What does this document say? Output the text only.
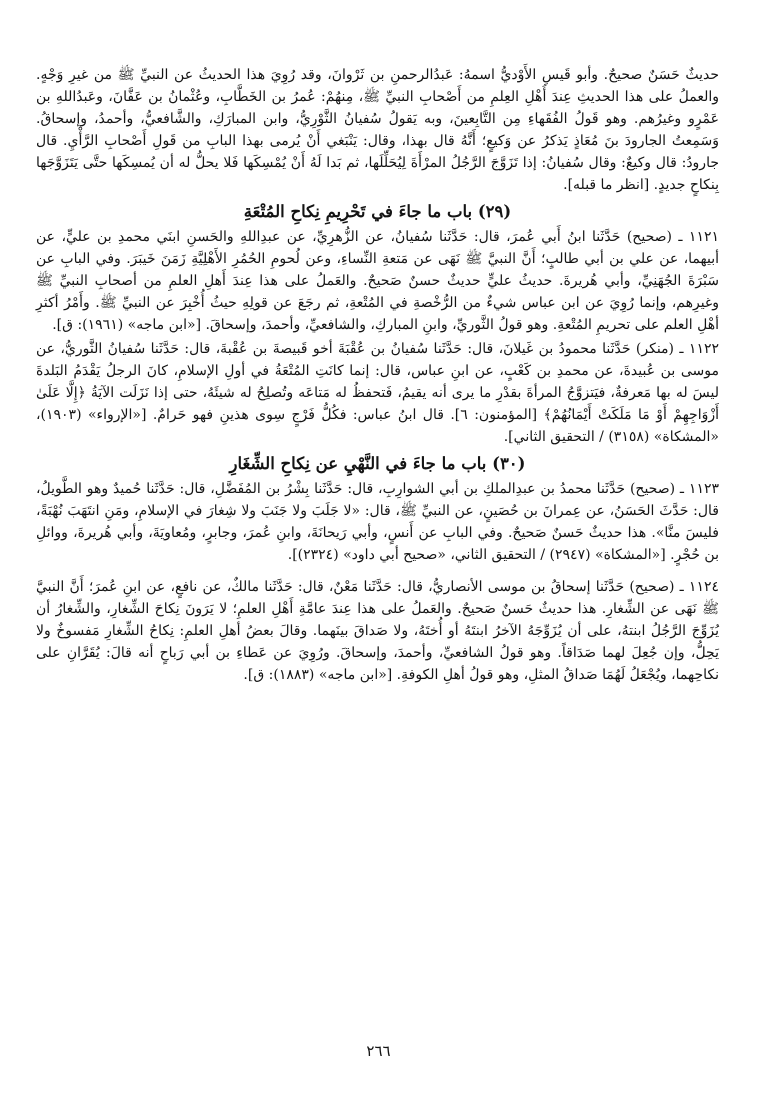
حديثٌ حَسَنٌ صحيحٌ. وأبو قَيسِ الأَوْديُّ اسمهُ: عَبدُالرحمنِ بن ثَرْوانَ، وقد رُوِيَ هذا الحديثُ عن النبيِّ ﷺ من غيرِ وَجْهٍ. والعملُ على هذا الحديثِ عِندَ أَهْلِ العِلمِ من أَصْحابِ النبيِّ ﷺ، مِنهُمْ: عُمرُ بن الخَطَّابِ، وعُثْمانُ بن عَفَّانَ، وعَبدُاللهِ بن عَمْرٍو وغيرُهم. وهو قَولُ الفُقَهاءِ مِن التَّابِعينَ، وبه يَقولُ سُفيانُ الثَّوْرِيُّ، وابن المبارَكِ، والشَّافعيُّ، وأحمدُ، وإسحاقُ. وَسَمِعتُ الجارودَ بنَ مُعَاذٍ يَذكرُ عن وَكيعٍ؛ أَنَّهُ قال بهذا، وقال: يَنْبَغي أَنْ يُرمى بهذا البابِ من قَولِ أَصْحابِ الرَّأْيِ. قال جارودُ: قال وكيعٌ: وقال سُفيانُ: إذا تَزَوَّجَ الرَّجُلُ المرْأَةَ لِيُحَلِّلَها، ثم بَدا لَهُ أَنْ يُمْسِكَها فَلا يحلُّ له أن يُمسِكَها حتَّى يَتَزَوَّجَها بِنكاحٍ جديدٍ. [انظر ما قبله].

(٢٩) باب ما جاءَ في تَحْرِيمِ نِكاحِ المُتْعَةِ

١١٢١ ـ (صحيح) حَدَّثَنا ابنُ أَبي عُمرَ، قال: حَدَّثَنا سُفيانُ، عن الزُّهرِيِّ، عن عبدِاللهِ والحَسنِ ابنَي محمدِ بن عليٍّ، عن أبيهما، عن علي بن أبي طالبٍ؛ أَنَّ النبيَّ ﷺ نَهَى عن مَتعةِ النِّساءِ، وعن لُحومِ الحُمُرِ الأَهْلِيَّةِ زَمَنَ خَيبَرَ. وفي البابِ عن سَبْرَةَ الجُهَنِيِّ، وأبي هُريرةَ. حديثُ عليٍّ حديثٌ حسنٌ صَحيحٌ. والعَملُ على هذا عِندَ أَهلِ العلمِ من أصحابِ النبيِّ ﷺ وغيرِهم، وإنما رُوِيَ عن ابن عباس شيءٌ من الرُّخْصةِ في المُتْعةِ، ثم رجَعَ عن قولِهِ حيثُ أُخْبِرَ عن النبيِّ ﷺ. وأَمْرُ أكثرِ أهْلِ العلم على تحريمِ المُتْعةِ. وهو قولُ الثَّوريِّ، وابنِ المباركِ، والشافعيِّ، وأحمدَ، وإسحاقَ. [«ابن ماجه» (١٩٦١): ق].

١١٢٢ ـ (منكر) حَدَّثَنا محمودُ بن غَيلانَ، قال: حَدَّثَنا سُفيانُ بن عُقْبَةَ أخو قَبيصةَ بن عُقْبةَ، قال: حَدَّثَنا سُفيانُ الثَّوريُّ، عن موسى بن عُبيدةَ، عن محمدِ بن كَعْبٍ، عن ابنِ عباس، قال: إنما كانَتِ المُتْعَةُ في أولِ الإسلامِ، كانَ الرجلُ يَقْدَمُ البَلدةَ ليسَ له بها مَعرفةٌ، فيَتزوَّجُ المرأةَ بقدْرِ ما يرى أنه يقيمُ، فَتحفظُ له مَتاعَه وتُصلِحُ له شيئَهُ، حتى إذا نَزَلَت الآيَةُ ﴿إِلَّا عَلَىٰ أَزْوَاجِهِمْ أَوْ مَا مَلَكَتْ أَيْمَانُهُمْ﴾ [المؤمنون: ٦]. قال ابنُ عباس: فكُلُّ فَرْجٍ سِوى هذينِ فهو حَرامٌ. [«الإرواء» (١٩٠٣)، «المشكاة» (٣١٥٨) / التحقيق الثاني].

(٣٠) باب ما جاءَ في النَّهْيِ عن نِكاحِ الشِّغَارِ

١١٢٣ ـ (صحيح) حَدَّثَنا محمدُ بن عبدِالملكِ بن أبي الشوارِبِ، قال: حَدَّثَنا بِشْرُ بن المُفَضَّلِ، قال: حَدَّثَنا حُميدٌ وهو الطَّويلُ، قال: حَدَّثَ الحَسَنُ، عن عِمرانَ بن حُصَينٍ، عن النبيِّ ﷺ، قال: «لا جَلَبَ ولا جَنَبَ ولا شِغارَ في الإسلامِ، ومَنِ انتَهَبَ نُهْبَةً، فليسَ منَّا». هذا حديثٌ حَسنٌ صَحيحٌ. وفي البابِ عن أَنسٍ، وأبي رَيحانَةَ، وابنِ عُمرَ، وجابرٍ، ومُعاويَةَ، وأبي هُريرةَ، ووائلِ بن حُجْرٍ. [«المشكاة» (٢٩٤٧) / التحقيق الثاني، «صحيح أبي داود» (٢٣٢٤)].

١١٢٤ ـ (صحيح) حَدَّثَنا إسحاقُ بن موسى الأنصاريُّ، قال: حَدَّثَنا مَعْنٌ، قال: حَدَّثَنا مالكٌ، عن نافعٍ، عن ابنِ عُمرَ؛ أَنَّ النبيَّ ﷺ نَهَى عن الشِّغارِ. هذا حديثٌ حَسنٌ صَحيحٌ. والعَملُ على هذا عِندَ عامَّةِ أَهْلِ العلمِ؛ لا يَرَونَ نِكاحَ الشِّغارِ، والشِّغارُ أن يُزَوِّجَ الرَّجُلُ ابنتهُ، على أن يُزَوِّجَهُ الآخرُ ابنتَهُ أو أُختَهُ، ولا صَداقَ بينَهما. وقالَ بعضُ أهلِ العلمِ: نِكاحُ الشِّغارِ مَفسوخٌ ولا يَحِلُّ، وإن جُعِلَ لهما صَدَاقاً. وهو قولُ الشافعيِّ، وأحمدَ، وإسحاقَ. ورُوِيَ عن عَطاءِ بن أبي رَباحٍ أنه قالَ: يُقَرَّانِ على نكاحِهما، ويُجْعَلُ لَهُمَا صَداقُ المثلِ، وهو قولُ أهلِ الكوفةِ. [«ابن ماجه» (١٨٨٣): ق].

٢٦٦
